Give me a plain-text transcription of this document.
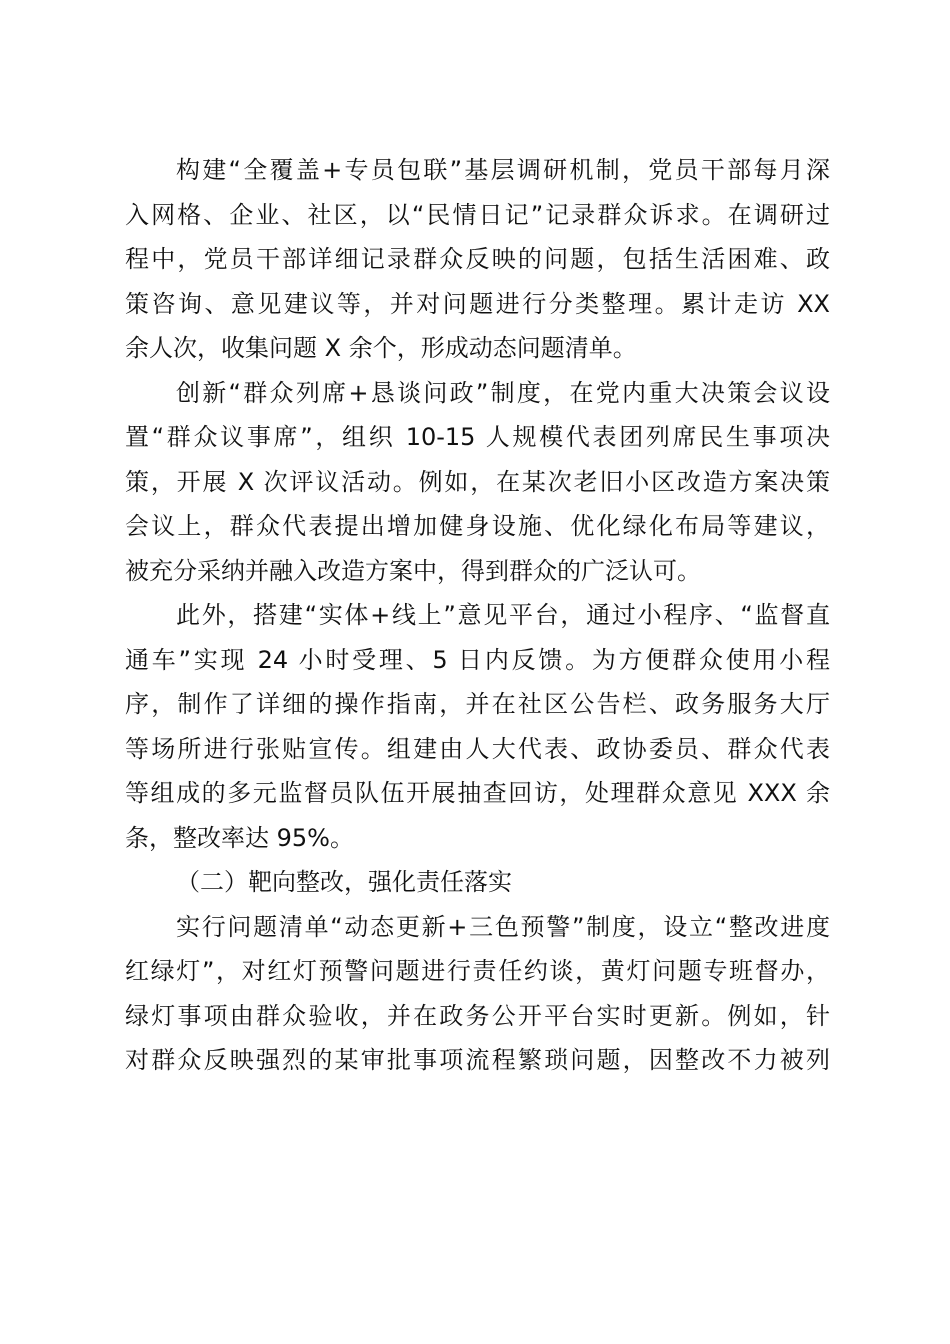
构建“全覆盖+专员包联”基层调研机制，党员干部每月深
入网格、企业、社区，以“民情日记”记录群众诉求。在调研过
程中，党员干部详细记录群众反映的问题，包括生活困难、政
策咨询、意见建议等，并对问题进行分类整理。累计走访 XX
余人次，收集问题 X 余个，形成动态问题清单。
创新“群众列席+恳谈问政”制度，在党内重大决策会议设
置“群众议事席”，组织 10-15 人规模代表团列席民生事项决
策，开展 X 次评议活动。例如，在某次老旧小区改造方案决策
会议上，群众代表提出增加健身设施、优化绿化布局等建议，
被充分采纳并融入改造方案中，得到群众的广泛认可。
此外，搭建“实体+线上”意见平台，通过小程序、“监督直
通车”实现 24 小时受理、5 日内反馈。为方便群众使用小程
序，制作了详细的操作指南，并在社区公告栏、政务服务大厅
等场所进行张贴宣传。组建由人大代表、政协委员、群众代表
等组成的多元监督员队伍开展抽查回访，处理群众意见 XXX 余
条，整改率达 95%。
（二）靶向整改，强化责任落实
实行问题清单“动态更新+三色预警”制度，设立“整改进度
红绿灯”，对红灯预警问题进行责任约谈，黄灯问题专班督办，
绿灯事项由群众验收，并在政务公开平台实时更新。例如，针
对群众反映强烈的某审批事项流程繁琐问题，因整改不力被列
